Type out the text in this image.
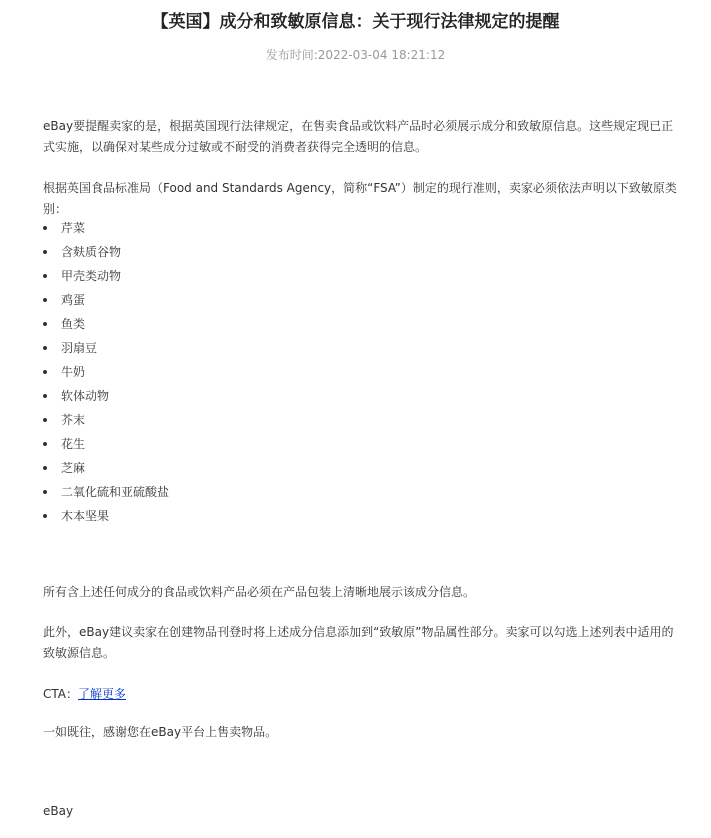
【英国】成分和致敏原信息：关于现行法律规定的提醒
发布时间:2022-03-04 18:21:12
eBay要提醒卖家的是，根据英国现行法律规定，在售卖食品或饮料产品时必须展示成分和致敏原信息。这些规定现已正式实施，以确保对某些成分过敏或不耐受的消费者获得完全透明的信息。
根据英国食品标准局（Food and Standards Agency，简称“FSA”）制定的现行准则，卖家必须依法声明以下致敏原类别：
芹菜
含麸质谷物
甲壳类动物
鸡蛋
鱼类
羽扇豆
牛奶
软体动物
芥末
花生
芝麻
二氧化硫和亚硫酸盐
木本坚果
所有含上述任何成分的食品或饮料产品必须在产品包装上清晰地展示该成分信息。
此外，eBay建议卖家在创建物品刊登时将上述成分信息添加到“致敏原”物品属性部分。卖家可以勾选上述列表中适用的致敏源信息。
CTA：了解更多
一如既往，感谢您在eBay平台上售卖物品。
eBay
